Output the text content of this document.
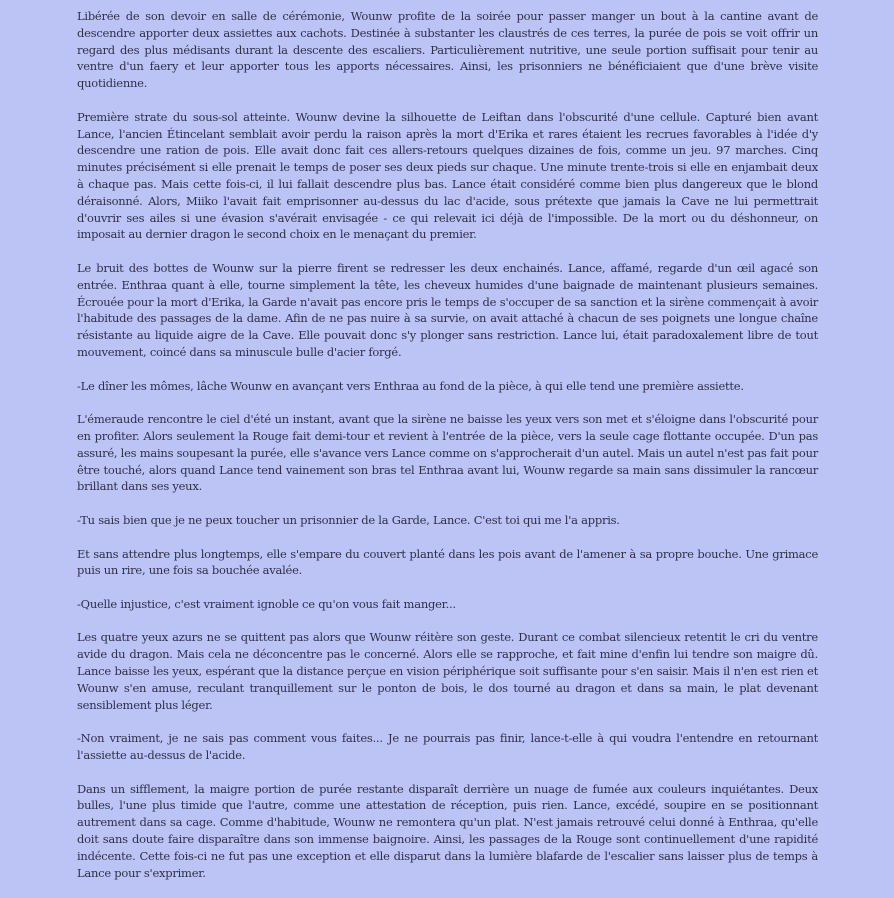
Libérée de son devoir en salle de cérémonie, Wounw profite de la soirée pour passer manger un bout à la cantine avant de descendre apporter deux assiettes aux cachots. Destinée à substanter les claustrés de ces terres, la purée de pois se voit offrir un regard des plus médisants durant la descente des escaliers. Particulièrement nutritive, une seule portion suffisait pour tenir au ventre d'un faery et leur apporter tous les apports nécessaires. Ainsi, les prisonniers ne bénéficiaient que d'une brève visite quotidienne.

Première strate du sous-sol atteinte. Wounw devine la silhouette de Leiftan dans l'obscurité d'une cellule. Capturé bien avant Lance, l'ancien Étincelant semblait avoir perdu la raison après la mort d'Erika et rares étaient les recrues favorables à l'idée d'y descendre une ration de pois. Elle avait donc fait ces allers-retours quelques dizaines de fois, comme un jeu. 97 marches. Cinq minutes précisément si elle prenait le temps de poser ses deux pieds sur chaque. Une minute trente-trois si elle en enjambait deux à chaque pas. Mais cette fois-ci, il lui fallait descendre plus bas. Lance était considéré comme bien plus dangereux que le blond déraisonné. Alors, Miiko l'avait fait emprisonner au-dessus du lac d'acide, sous prétexte que jamais la Cave ne lui permettrait d'ouvrir ses ailes si une évasion s'avérait envisagée - ce qui relevait ici déjà de l'impossible. De la mort ou du déshonneur, on imposait au dernier dragon le second choix en le menaçant du premier.

Le bruit des bottes de Wounw sur la pierre firent se redresser les deux enchainés. Lance, affamé, regarde d'un œil agacé son entrée. Enthraa quant à elle, tourne simplement la tête, les cheveux humides d'une baignade de maintenant plusieurs semaines. Écrouée pour la mort d'Erika, la Garde n'avait pas encore pris le temps de s'occuper de sa sanction et la sirène commençait à avoir l'habitude des passages de la dame. Afin de ne pas nuire à sa survie, on avait attaché à chacun de ses poignets une longue chaîne résistante au liquide aigre de la Cave. Elle pouvait donc s'y plonger sans restriction. Lance lui, était paradoxalement libre de tout mouvement, coincé dans sa minuscule bulle d'acier forgé.

-Le dîner les mômes, lâche Wounw en avançant vers Enthraa au fond de la pièce, à qui elle tend une première assiette.

L'émeraude rencontre le ciel d'été un instant, avant que la sirène ne baisse les yeux vers son met et s'éloigne dans l'obscurité pour en profiter. Alors seulement la Rouge fait demi-tour et revient à l'entrée de la pièce, vers la seule cage flottante occupée. D'un pas assuré, les mains soupesant la purée, elle s'avance vers Lance comme on s'approcherait d'un autel. Mais un autel n'est pas fait pour être touché, alors quand Lance tend vainement son bras tel Enthraa avant lui, Wounw regarde sa main sans dissimuler la rancœur brillant dans ses yeux.

-Tu sais bien que je ne peux toucher un prisonnier de la Garde, Lance. C'est toi qui me l'a appris.

Et sans attendre plus longtemps, elle s'empare du couvert planté dans les pois avant de l'amener à sa propre bouche. Une grimace puis un rire, une fois sa bouchée avalée.

-Quelle injustice, c'est vraiment ignoble ce qu'on vous fait manger...

Les quatre yeux azurs ne se quittent pas alors que Wounw réitère son geste. Durant ce combat silencieux retentit le cri du ventre avide du dragon. Mais cela ne déconcentre pas le concerné. Alors elle se rapproche, et fait mine d'enfin lui tendre son maigre dû. Lance baisse les yeux, espérant que la distance perçue en vision périphérique soit suffisante pour s'en saisir. Mais il n'en est rien et Wounw s'en amuse, reculant tranquillement sur le ponton de bois, le dos tourné au dragon et dans sa main, le plat devenant sensiblement plus léger.

-Non vraiment, je ne sais pas comment vous faites... Je ne pourrais pas finir, lance-t-elle à qui voudra l'entendre en retournant l'assiette au-dessus de l'acide.

Dans un sifflement, la maigre portion de purée restante disparaît derrière un nuage de fumée aux couleurs inquiétantes. Deux bulles, l'une plus timide que l'autre, comme une attestation de réception, puis rien. Lance, excédé, soupire en se positionnant autrement dans sa cage. Comme d'habitude, Wounw ne remontera qu'un plat. N'est jamais retrouvé celui donné à Enthraa, qu'elle doit sans doute faire disparaître dans son immense baignoire. Ainsi, les passages de la Rouge sont continuellement d'une rapidité indécente. Cette fois-ci ne fut pas une exception et elle disparut dans la lumière blafarde de l'escalier sans laisser plus de temps à Lance pour s'exprimer.
